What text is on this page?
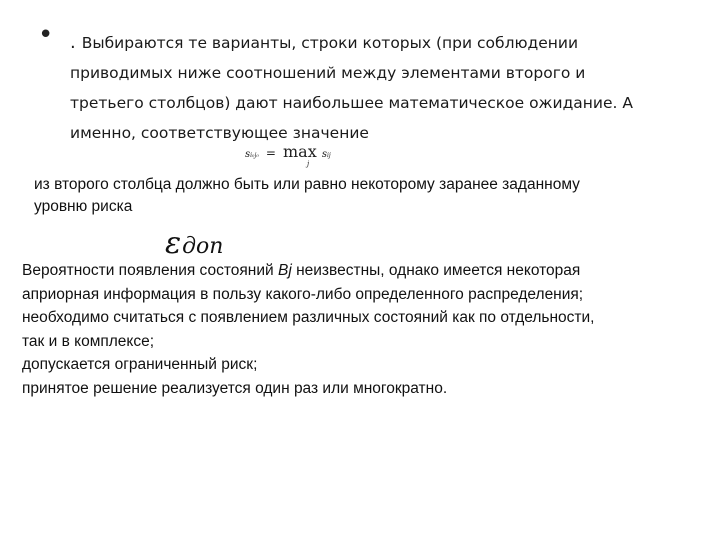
• . Выбираются те варианты, строки которых (при соблюдении
приводимых ниже соотношений между элементами второго и
третьего столбцов) дают наибольшее математическое ожидание. А
именно, соответствующее значение
si₀j₀ = max sij
j
из второго столбца должно быть или равно некоторому заранее заданному
уровню риска
εдоп
Вероятности появления состояний Bj неизвестны, однако имеется некоторая
априорная информация в пользу какого-либо определенного распределения;
необходимо считаться с появлением различных состояний как по отдельности,
так и в комплексе;
допускается ограниченный риск;
принятое решение реализуется один раз или многократно.
